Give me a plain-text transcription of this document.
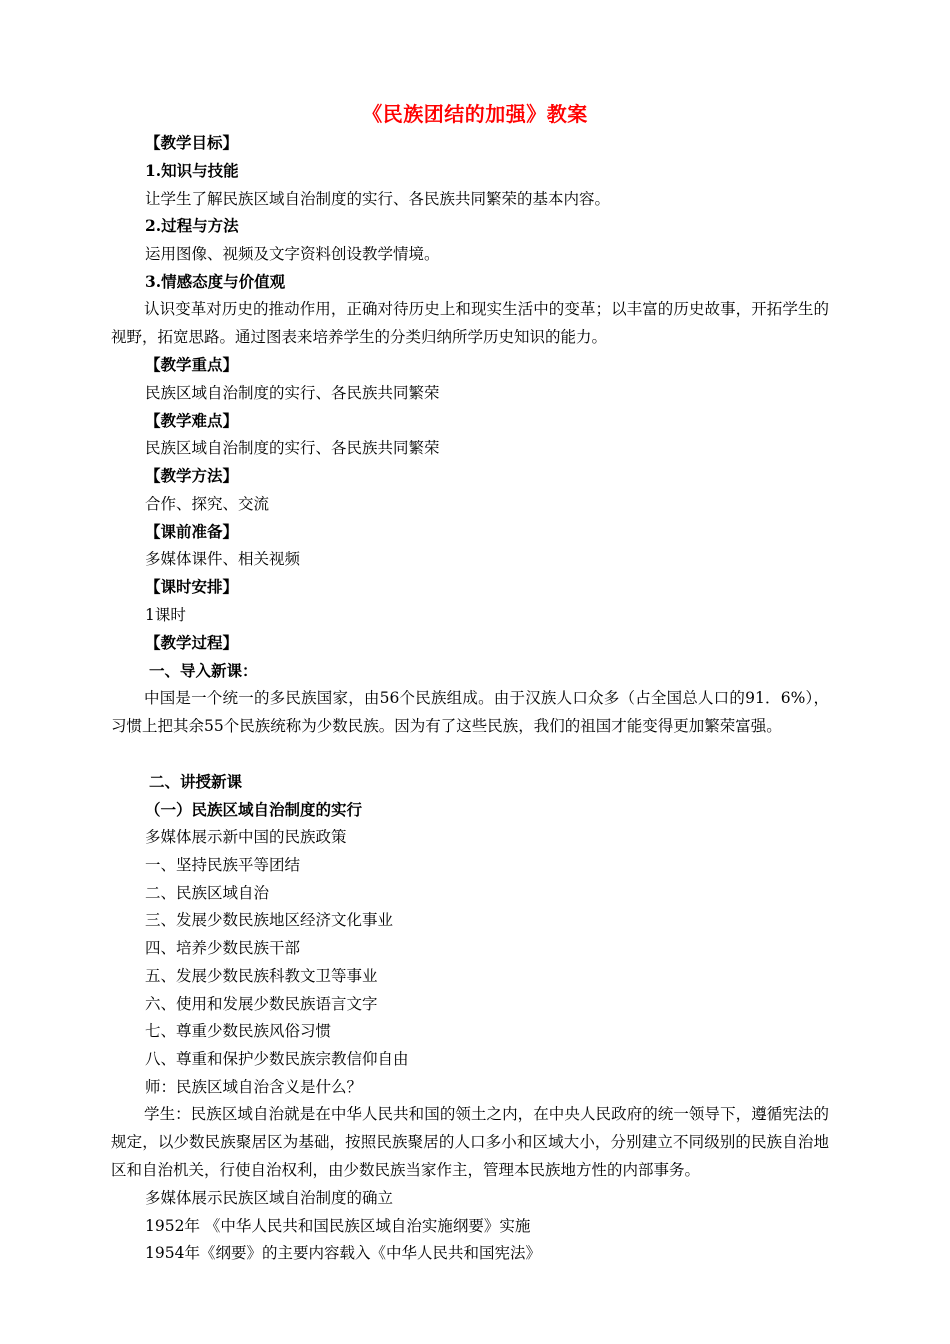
《民族团结的加强》教案
【教学目标】
1.知识与技能
让学生了解民族区域自治制度的实行、各民族共同繁荣的基本内容。
2.过程与方法
运用图像、视频及文字资料创设教学情境。
3.情感态度与价值观
认识变革对历史的推动作用，正确对待历史上和现实生活中的变革；以丰富的历史故事，开拓学生的视野，拓宽思路。通过图表来培养学生的分类归纳所学历史知识的能力。
【教学重点】
民族区域自治制度的实行、各民族共同繁荣
【教学难点】
民族区域自治制度的实行、各民族共同繁荣
【教学方法】
合作、探究、交流
【课前准备】
多媒体课件、相关视频
【课时安排】
1课时
【教学过程】
一、导入新课：
中国是一个统一的多民族国家，由56个民族组成。由于汉族人口众多（占全国总人口的91．6%），习惯上把其余55个民族统称为少数民族。因为有了这些民族，我们的祖国才能变得更加繁荣富强。
二、讲授新课
（一）民族区域自治制度的实行
多媒体展示新中国的民族政策
一、坚持民族平等团结
二、民族区域自治
三、发展少数民族地区经济文化事业
四、培养少数民族干部
五、发展少数民族科教文卫等事业
六、使用和发展少数民族语言文字
七、尊重少数民族风俗习惯
八、尊重和保护少数民族宗教信仰自由
师：民族区域自治含义是什么？
学生：民族区域自治就是在中华人民共和国的领土之内，在中央人民政府的统一领导下，遵循宪法的规定，以少数民族聚居区为基础，按照民族聚居的人口多小和区域大小，分别建立不同级别的民族自治地区和自治机关，行使自治权利，由少数民族当家作主，管理本民族地方性的内部事务。
多媒体展示民族区域自治制度的确立
1952年 《中华人民共和国民族区域自治实施纲要》实施
1954年《纲要》的主要内容载入《中华人民共和国宪法》
